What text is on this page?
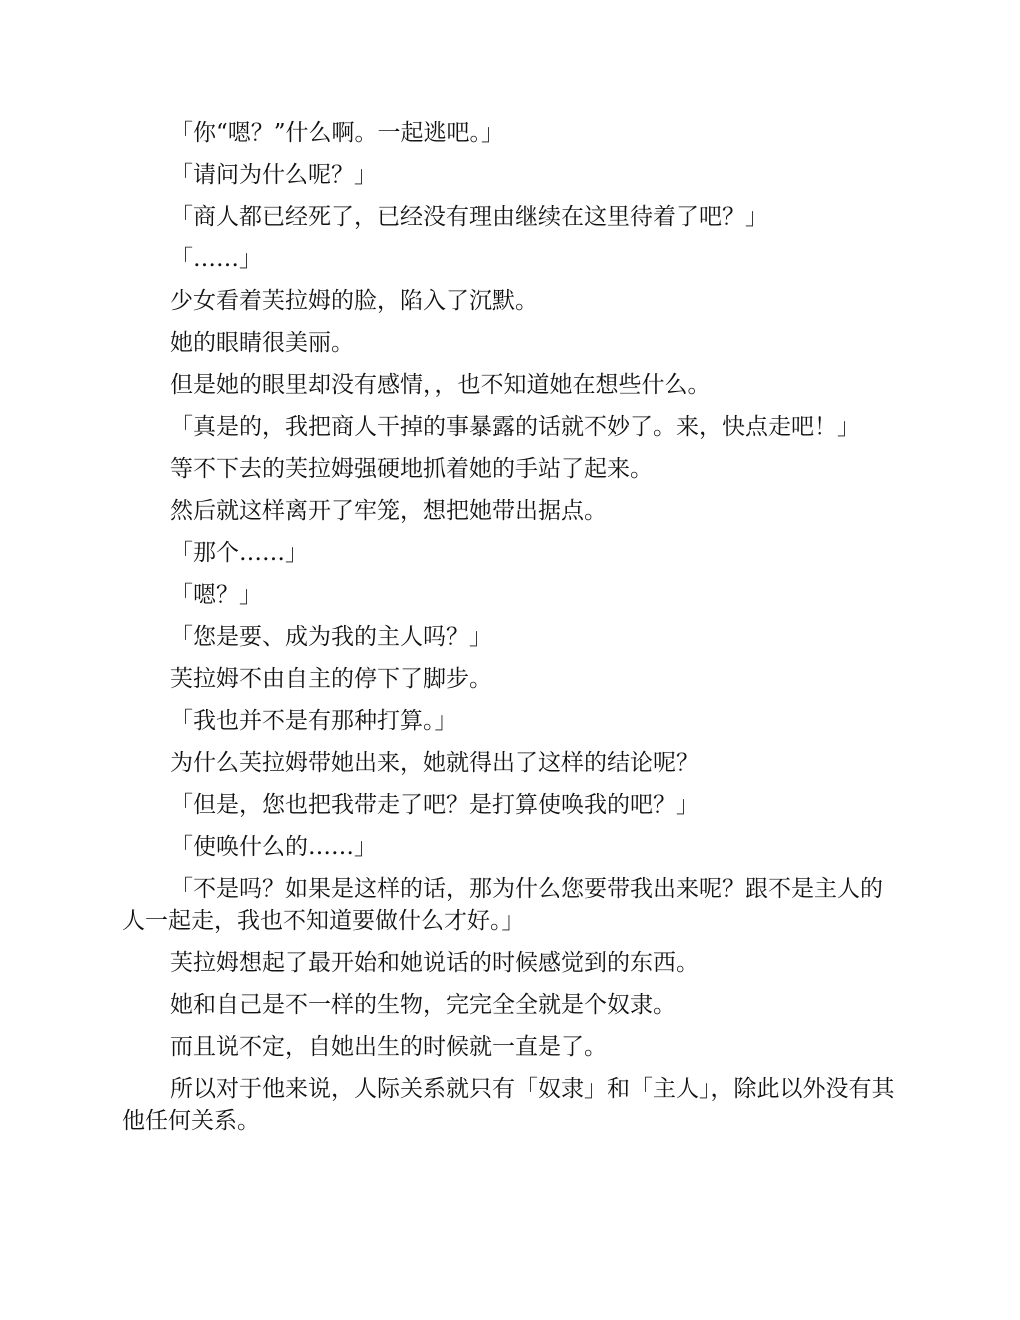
「你“嗯？”什么啊。一起逃吧。」

「请问为什么呢？」

「商人都已经死了，已经没有理由继续在这里待着了吧？」

「……」

少女看着芙拉姆的脸，陷入了沉默。

她的眼睛很美丽。

但是她的眼里却没有感情，，也不知道她在想些什么。

「真是的，我把商人干掉的事暴露的话就不妙了。来，快点走吧！」

等不下去的芙拉姆强硬地抓着她的手站了起来。

然后就这样离开了牢笼，想把她带出据点。

「那个……」

「嗯？」

「您是要、成为我的主人吗？」

芙拉姆不由自主的停下了脚步。

「我也并不是有那种打算。」

为什么芙拉姆带她出来，她就得出了这样的结论呢？

「但是，您也把我带走了吧？是打算使唤我的吧？」

「使唤什么的……」

「不是吗？如果是这样的话，那为什么您要带我出来呢？跟不是主人的人一起走，我也不知道要做什么才好。」

芙拉姆想起了最开始和她说话的时候感觉到的东西。

她和自己是不一样的生物，完完全全就是个奴隶。

而且说不定，自她出生的时候就一直是了。

所以对于他来说，人际关系就只有「奴隶」和「主人」，除此以外没有其他任何关系。
